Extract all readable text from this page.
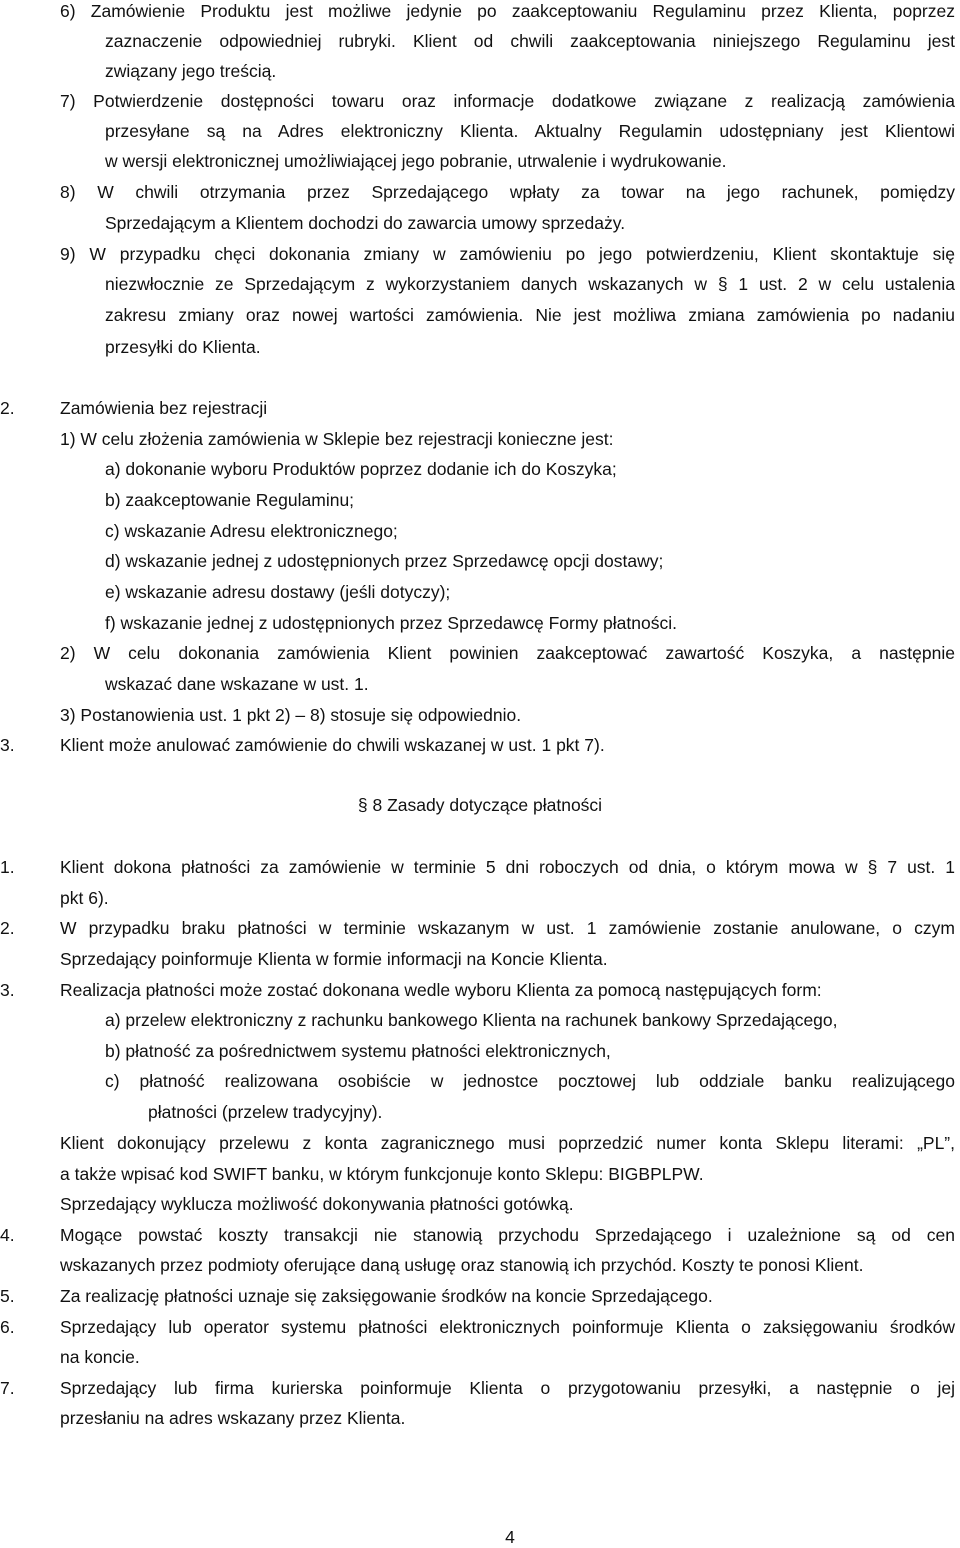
6) Zamówienie Produktu jest możliwe jedynie po zaakceptowaniu Regulaminu przez Klienta, poprzez
zaznaczenie odpowiedniej rubryki. Klient od chwili zaakceptowania niniejszego Regulaminu jest
związany jego treścią.
7) Potwierdzenie dostępności towaru oraz informacje dodatkowe związane z realizacją zamówienia
przesyłane są na Adres elektroniczny Klienta. Aktualny Regulamin udostępniany jest Klientowi
w wersji elektronicznej umożliwiającej jego pobranie, utrwalenie i wydrukowanie.
8) W chwili otrzymania przez Sprzedającego wpłaty za towar na jego rachunek, pomiędzy
Sprzedającym a Klientem dochodzi do zawarcia umowy sprzedaży.
9) W przypadku chęci dokonania zmiany w zamówieniu po jego potwierdzeniu, Klient skontaktuje się
niezwłocznie ze Sprzedającym z wykorzystaniem danych wskazanych w § 1 ust. 2 w celu ustalenia
zakresu zmiany oraz nowej wartości zamówienia. Nie jest możliwa zmiana zamówienia po nadaniu
przesyłki do Klienta.
2.	Zamówienia bez rejestracji
1) W celu złożenia zamówienia w Sklepie bez rejestracji konieczne jest:
a) dokonanie wyboru Produktów poprzez dodanie ich do Koszyka;
b) zaakceptowanie Regulaminu;
c) wskazanie Adresu elektronicznego;
d) wskazanie jednej z udostępnionych przez Sprzedawcę opcji dostawy;
e) wskazanie adresu dostawy (jeśli dotyczy);
f) wskazanie jednej z udostępnionych przez Sprzedawcę Formy płatności.
2) W celu dokonania zamówienia Klient powinien zaakceptować zawartość Koszyka, a następnie
wskazać dane wskazane w ust. 1.
3) Postanowienia ust. 1 pkt 2) – 8) stosuje się odpowiednio.
3.	Klient może anulować zamówienie do chwili wskazanej w ust. 1 pkt 7).
1.	Klient dokona płatności za zamówienie w terminie 5 dni roboczych od dnia, o którym mowa w § 7 ust. 1
pkt 6).
2.	W przypadku braku płatności w terminie wskazanym w ust. 1 zamówienie zostanie anulowane, o czym
Sprzedający poinformuje Klienta w formie informacji na Koncie Klienta.
3.	Realizacja płatności może zostać dokonana wedle wyboru Klienta za pomocą następujących form:
a) przelew elektroniczny z rachunku bankowego Klienta na rachunek bankowy Sprzedającego,
b) płatność za pośrednictwem systemu płatności elektronicznych,
c) płatność realizowana osobiście w jednostce pocztowej lub oddziale banku realizującego
płatności (przelew tradycyjny).
Klient dokonujący przelewu z konta zagranicznego musi poprzedzić numer konta Sklepu literami: „PL”,
a także wpisać kod SWIFT banku, w którym funkcjonuje konto Sklepu: BIGBPLPW.
Sprzedający wyklucza możliwość dokonywania płatności gotówką.
4.	Mogące powstać koszty transakcji nie stanowią przychodu Sprzedającego i uzależnione są od cen
wskazanych przez podmioty oferujące daną usługę oraz stanowią ich przychód. Koszty te ponosi Klient.
5.	Za realizację płatności uznaje się zaksięgowanie środków na koncie Sprzedającego.
6.	Sprzedający lub operator systemu płatności elektronicznych poinformuje Klienta o zaksięgowaniu środków
na koncie.
7.	Sprzedający lub firma kurierska poinformuje Klienta o przygotowaniu przesyłki, a następnie o jej
przesłaniu na adres wskazany przez Klienta.
§ 8 Zasady dotyczące płatności
4
